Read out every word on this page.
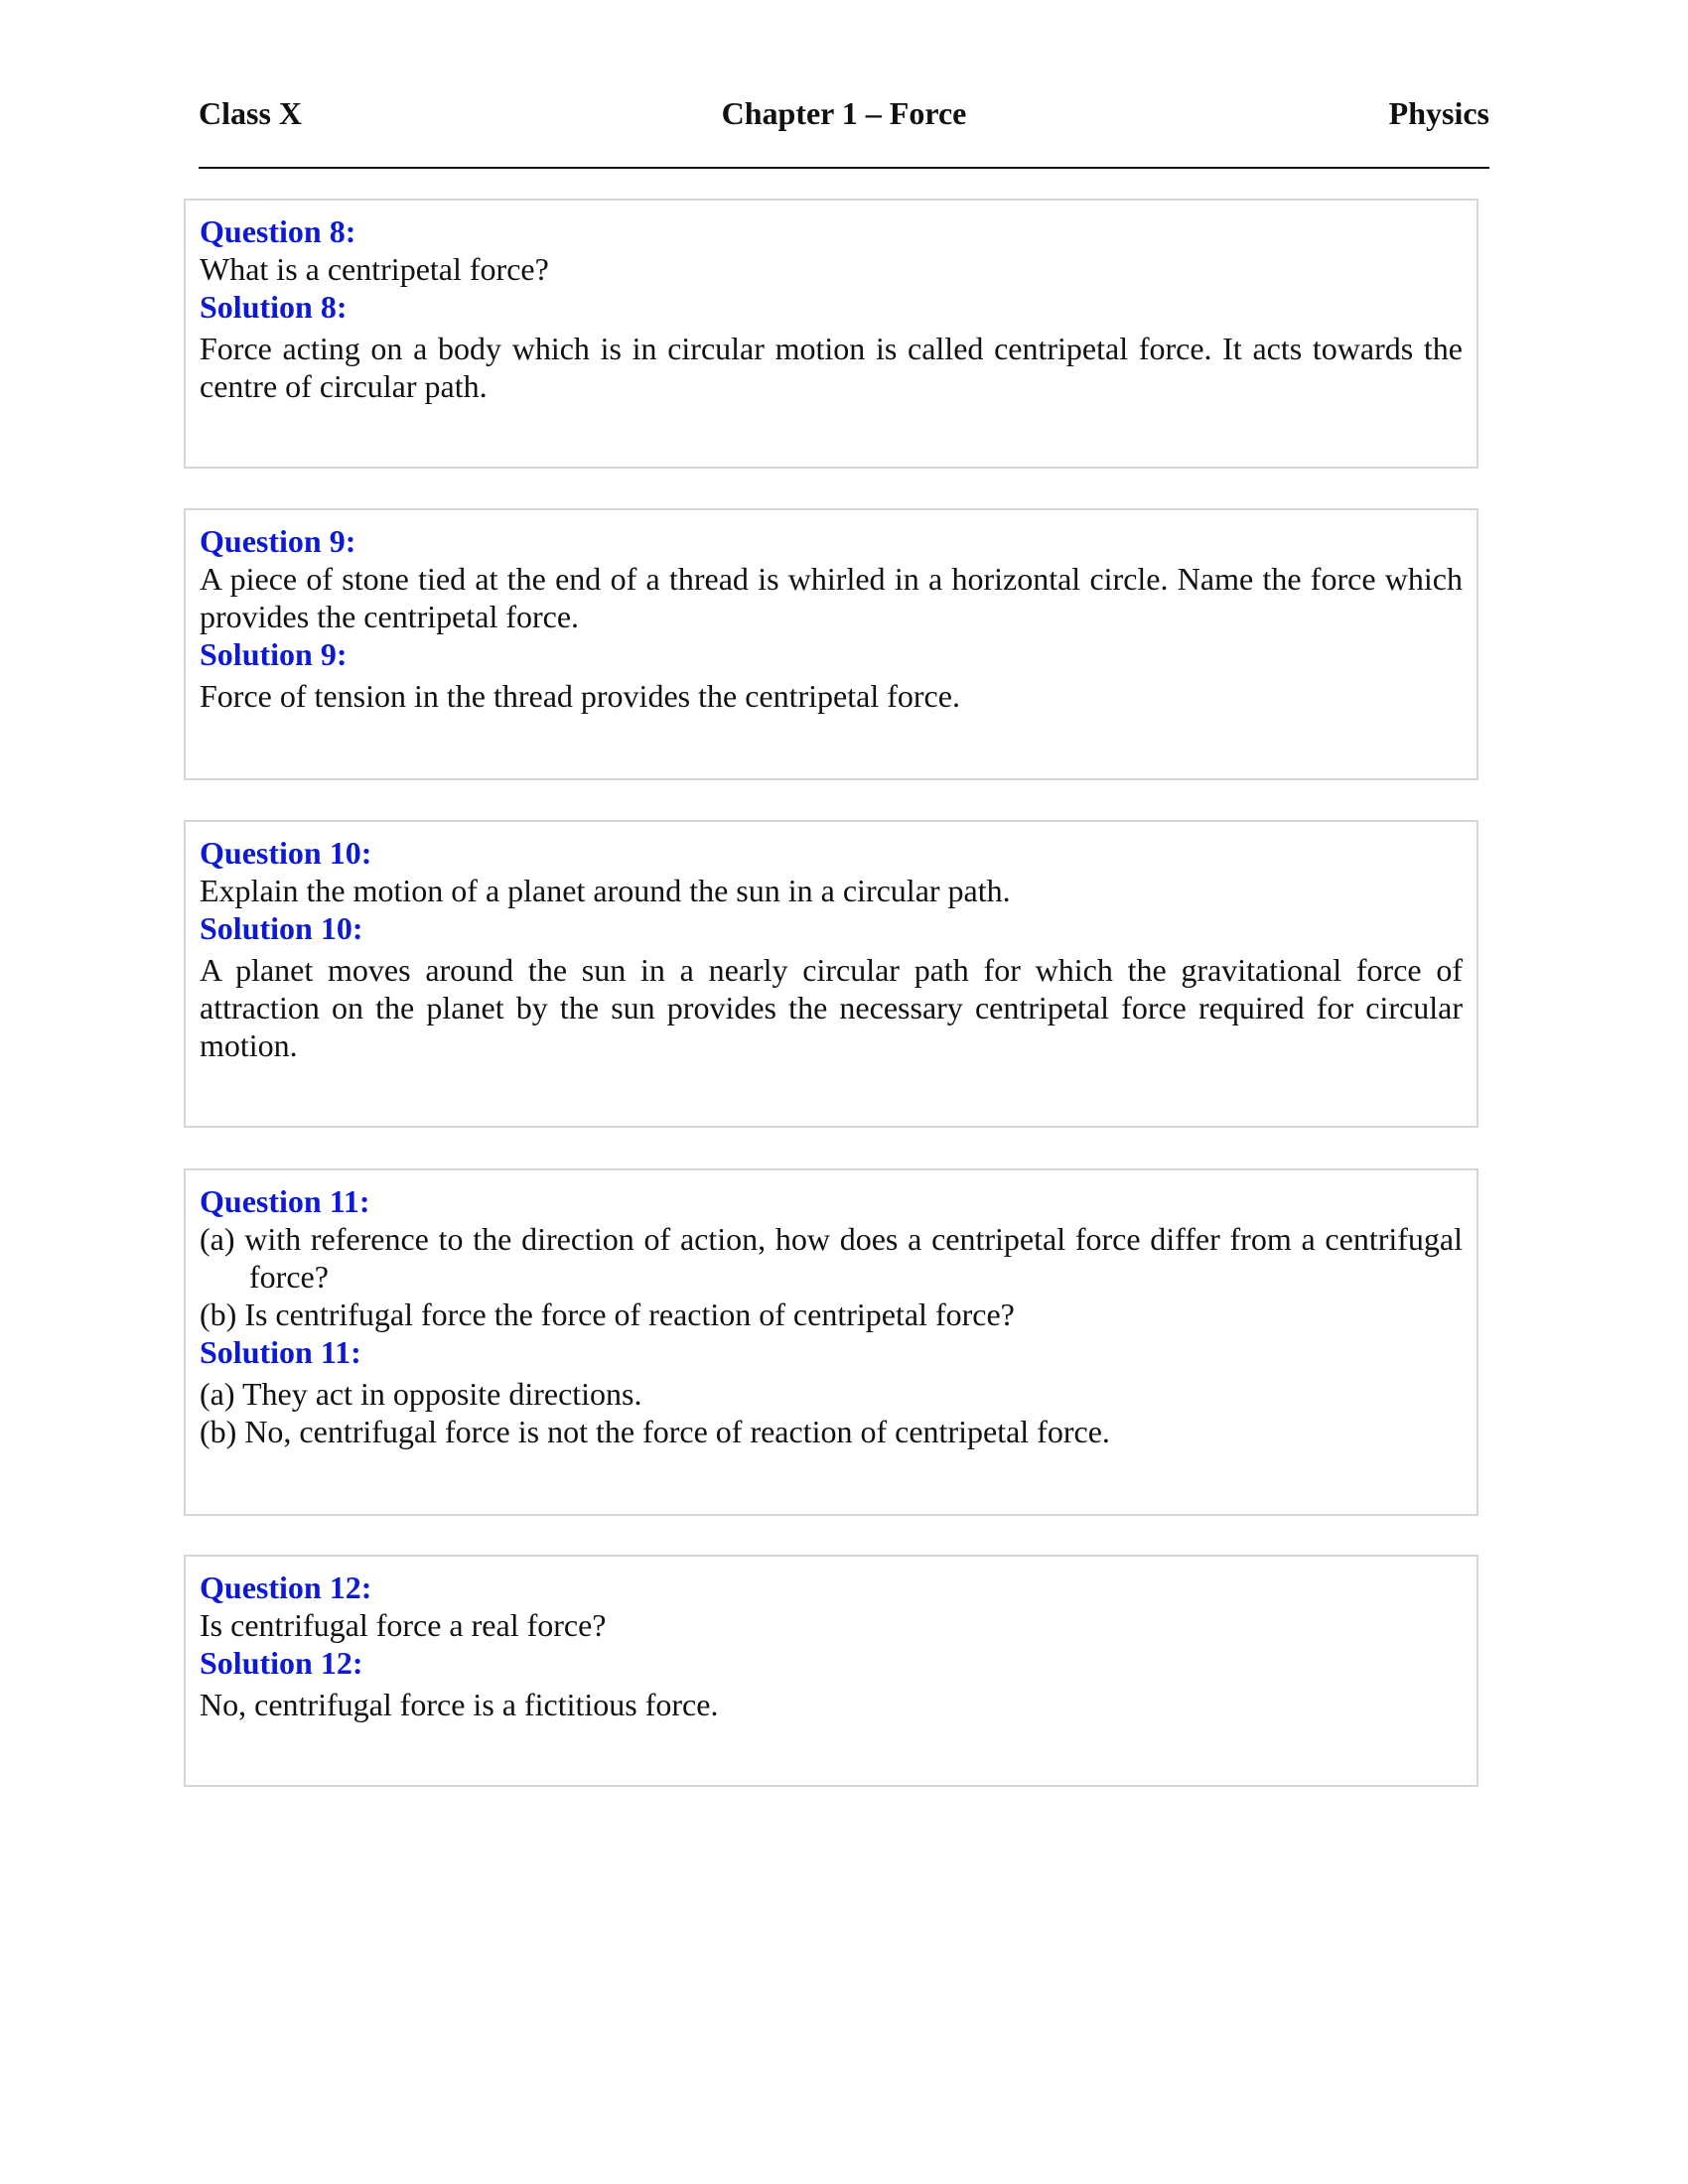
Class X	Chapter 1 – Force	Physics
Question 8:
What is a centripetal force?
Solution 8:
Force acting on a body which is in circular motion is called centripetal force. It acts towards the centre of circular path.
Question 9:
A piece of stone tied at the end of a thread is whirled in a horizontal circle. Name the force which provides the centripetal force.
Solution 9:
Force of tension in the thread provides the centripetal force.
Question 10:
Explain the motion of a planet around the sun in a circular path.
Solution 10:
A planet moves around the sun in a nearly circular path for which the gravitational force of attraction on the planet by the sun provides the necessary centripetal force required for circular motion.
Question 11:
(a) with reference to the direction of action, how does a centripetal force differ from a centrifugal force?
(b) Is centrifugal force the force of reaction of centripetal force?
Solution 11:
(a) They act in opposite directions.
(b) No, centrifugal force is not the force of reaction of centripetal force.
Question 12:
Is centrifugal force a real force?
Solution 12:
No, centrifugal force is a fictitious force.
